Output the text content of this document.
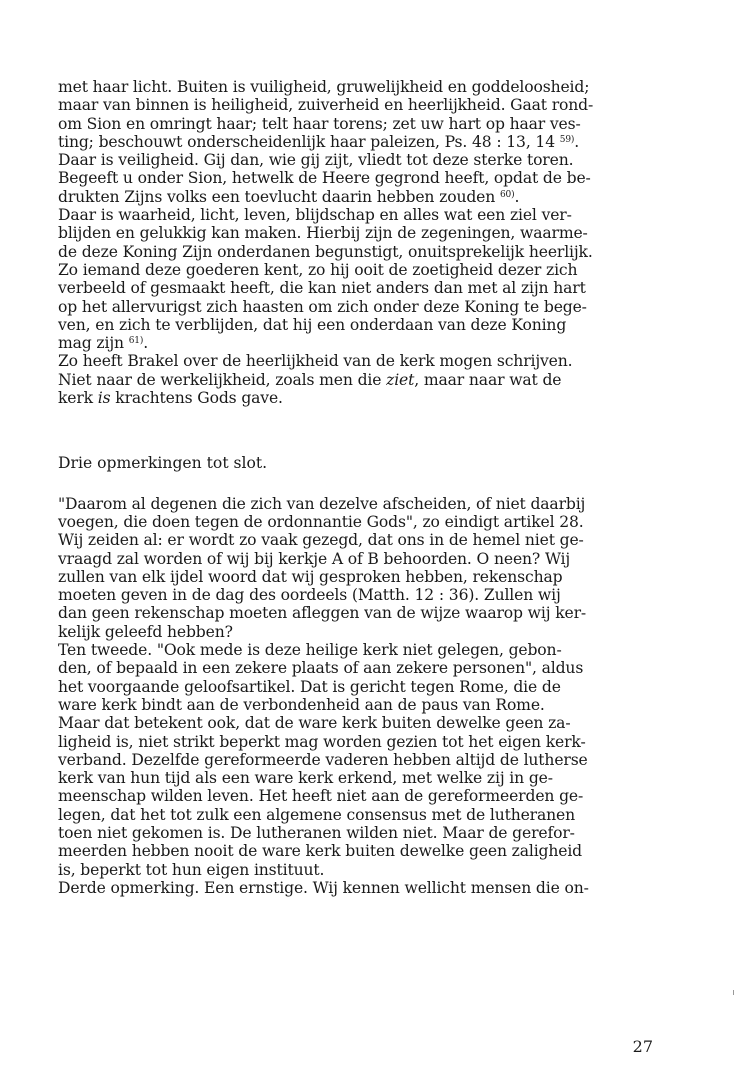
met haar licht. Buiten is vuiligheid, gruwelijkheid en goddeloosheid;
maar van binnen is heiligheid, zuiverheid en heerlijkheid. Gaat rond-
om Sion en omringt haar; telt haar torens; zet uw hart op haar ves-
ting; beschouwt onderscheidenlijk haar paleizen, Ps. 48 : 13, 14 $^{59)}$.
Daar is veiligheid. Gij dan, wie gij zijt, vliedt tot deze sterke toren.
Begeeft u onder Sion, hetwelk de Heere gegrond heeft, opdat de be-
drukten Zijns volks een toevlucht daarin hebben zouden $^{60)}$.
Daar is waarheid, licht, leven, blijdschap en alles wat een ziel ver-
blijden en gelukkig kan maken. Hierbij zijn de zegeningen, waarme-
de deze Koning Zijn onderdanen begunstigt, onuitsprekelijk heerlijk.
Zo iemand deze goederen kent, zo hij ooit de zoetigheid dezer zich
verbeeld of gesmaakt heeft, die kan niet anders dan met al zijn hart
op het allervurigst zich haasten om zich onder deze Koning te bege-
ven, en zich te verblijden, dat hij een onderdaan van deze Koning
mag zijn $^{61)}$.
Zo heeft Brakel over de heerlijkheid van de kerk mogen schrijven.
Niet naar de werkelijkheid, zoals men die ziet, maar naar wat de
kerk is krachtens Gods gave.
Drie opmerkingen tot slot.
"Daarom al degenen die zich van dezelve afscheiden, of niet daarbij
voegen, die doen tegen de ordonnantie Gods", zo eindigt artikel 28.
Wij zeiden al: er wordt zo vaak gezegd, dat ons in de hemel niet ge-
vraagd zal worden of wij bij kerkje A of B behoorden. O neen? Wij
zullen van elk ijdel woord dat wij gesproken hebben, rekenschap
moeten geven in de dag des oordeels (Matth. 12 : 36). Zullen wij
dan geen rekenschap moeten afleggen van de wijze waarop wij ker-
kelijk geleefd hebben?
Ten tweede. "Ook mede is deze heilige kerk niet gelegen, gebon-
den, of bepaald in een zekere plaats of aan zekere personen", aldus
het voorgaande geloofsartikel. Dat is gericht tegen Rome, die de
ware kerk bindt aan de verbondenheid aan de paus van Rome.
Maar dat betekent ook, dat de ware kerk buiten dewelke geen za-
ligheid is, niet strikt beperkt mag worden gezien tot het eigen kerk-
verband. Dezelfde gereformeerde vaderen hebben altijd de lutherse
kerk van hun tijd als een ware kerk erkend, met welke zij in ge-
meenschap wilden leven. Het heeft niet aan de gereformeerden ge-
legen, dat het tot zulk een algemene consensus met de lutheranen
toen niet gekomen is. De lutheranen wilden niet. Maar de gerefor-
meerden hebben nooit de ware kerk buiten dewelke geen zaligheid
is, beperkt tot hun eigen instituut.
Derde opmerking. Een ernstige. Wij kennen wellicht mensen die on-
27
